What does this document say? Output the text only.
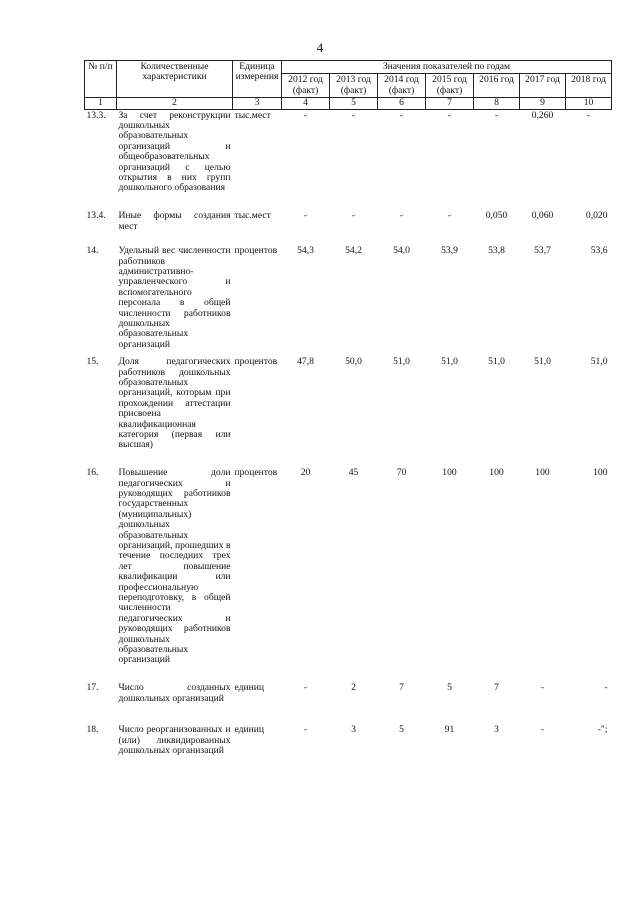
4
№ п/п	Количественные характеристики	Единица измерения	Значения показателей по годам						
			2012 год (факт)	2013 год (факт)	2014 год (факт)	2015 год (факт)	2016 год	2017 год	2018 год
1	2	3	4	5	6	7	8	9	10
13.3.	За счет реконструкции дошкольных образовательных организаций и общеобразовательных организаций с целью открытия в них групп дошкольного образования	тыс.мест	-	-	-	-	-	0,260	-
13.4.	Иные формы создания мест	тыс.мест	-	-	-	-	0,050	0,060	0,020
14.	Удельный вес численности работников административно-управленческого и вспомогательного персонала в общей численности работников дошкольных образовательных организаций	процентов	54,3	54,2	54,0	53,9	53,8	53,7	53,6
15.	Доля педагогических работников дошкольных образовательных организаций, которым при прохождении аттестации присвоена квалификационная категория (первая или высшая)	процентов	47,8	50,0	51,0	51,0	51,0	51,0	51,0
16.	Повышение доли педагогических и руководящих работников государственных (муниципальных) дошкольных образовательных организаций, прошедших в течение последних трех лет повышение квалификации или профессиональную переподготовку, в общей численности педагогических и руководящих работников дошкольных образовательных организаций	процентов	20	45	70	100	100	100	100
17.	Число созданных дошкольных организаций	единиц	-	2	7	5	7	-	-
18.	Число реорганизованных и (или) ликвидированных дошкольных организаций	единиц	-	3	5	91	3	-	-";
